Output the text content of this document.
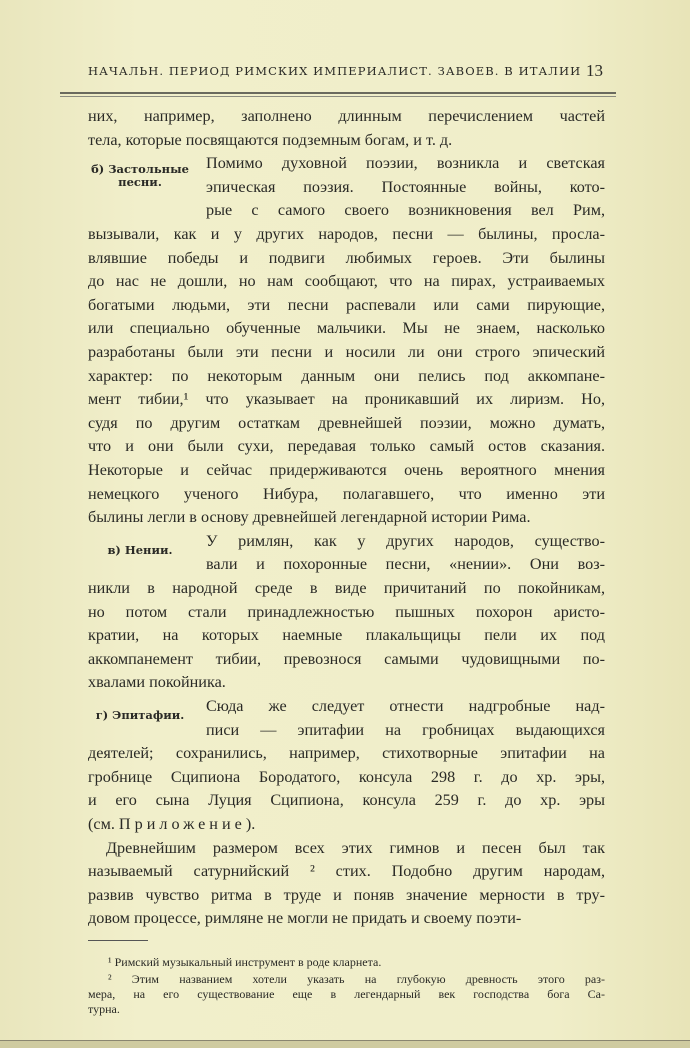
НАЧАЛЬН. ПЕРИОД РИМСКИХ ИМПЕРИАЛИСТ. ЗАВОЕВ. В ИТАЛИИ 13
них, например, заполнено длинным перечислением частей
тела, которые посвящаются подземным богам, и т. д.
б) Застольные
песни.
Помимо духовной поэзии, возникла и светская
эпическая поэзия. Постоянные войны, кото-
рые с самого своего возникновения вел Рим,
вызывали, как и у других народов, песни — былины, просла-
влявшие победы и подвиги любимых героев. Эти былины
до нас не дошли, но нам сообщают, что на пирах, устраиваемых
богатыми людьми, эти песни распевали или сами пирующие,
или специально обученные мальчики. Мы не знаем, насколько
разработаны были эти песни и носили ли они строго эпический
характер: по некоторым данным они пелись под аккомпане-
мент тибии,¹ что указывает на проникавший их лиризм. Но,
судя по другим остаткам древнейшей поэзии, можно думать,
что и они были сухи, передавая только самый остов сказания.
Некоторые и сейчас придерживаются очень вероятного мнения
немецкого ученого Нибура, полагавшего, что именно эти
былины легли в основу древнейшей легендарной истории Рима.
в) Нении.	У римлян, как у других народов, существо-
вали и похоронные песни, «нении». Они воз-
никли в народной среде в виде причитаний по покойникам,
но потом стали принадлежностью пышных похорон аристо-
кратии, на которых наемные плакальщицы пели их под
аккомпанемент тибии, превознося самыми чудовищными по-
хвалами покойника.
г) Эпитафии.	Сюда же следует отнести надгробные над-
писи — эпитафии на гробницах выдающихся
деятелей; сохранились, например, стихотворные эпитафии на
гробнице Сципиона Бородатого, консула 298 г. до хр. эры,
и его сына Луция Сципиона, консула 259 г. до хр. эры
(см. Приложение).
Древнейшим размером всех этих гимнов и песен был так
называемый сатурнийский ² стих. Подобно другим народам,
развив чувство ритма в труде и поняв значение мерности в тру-
довом процессе, римляне не могли не придать и своему поэти-
¹ Римский музыкальный инструмент в роде кларнета.
² Этим названием хотели указать на глубокую древность этого раз-
мера, на его существование еще в легендарный век господства бога Са-
турна.
